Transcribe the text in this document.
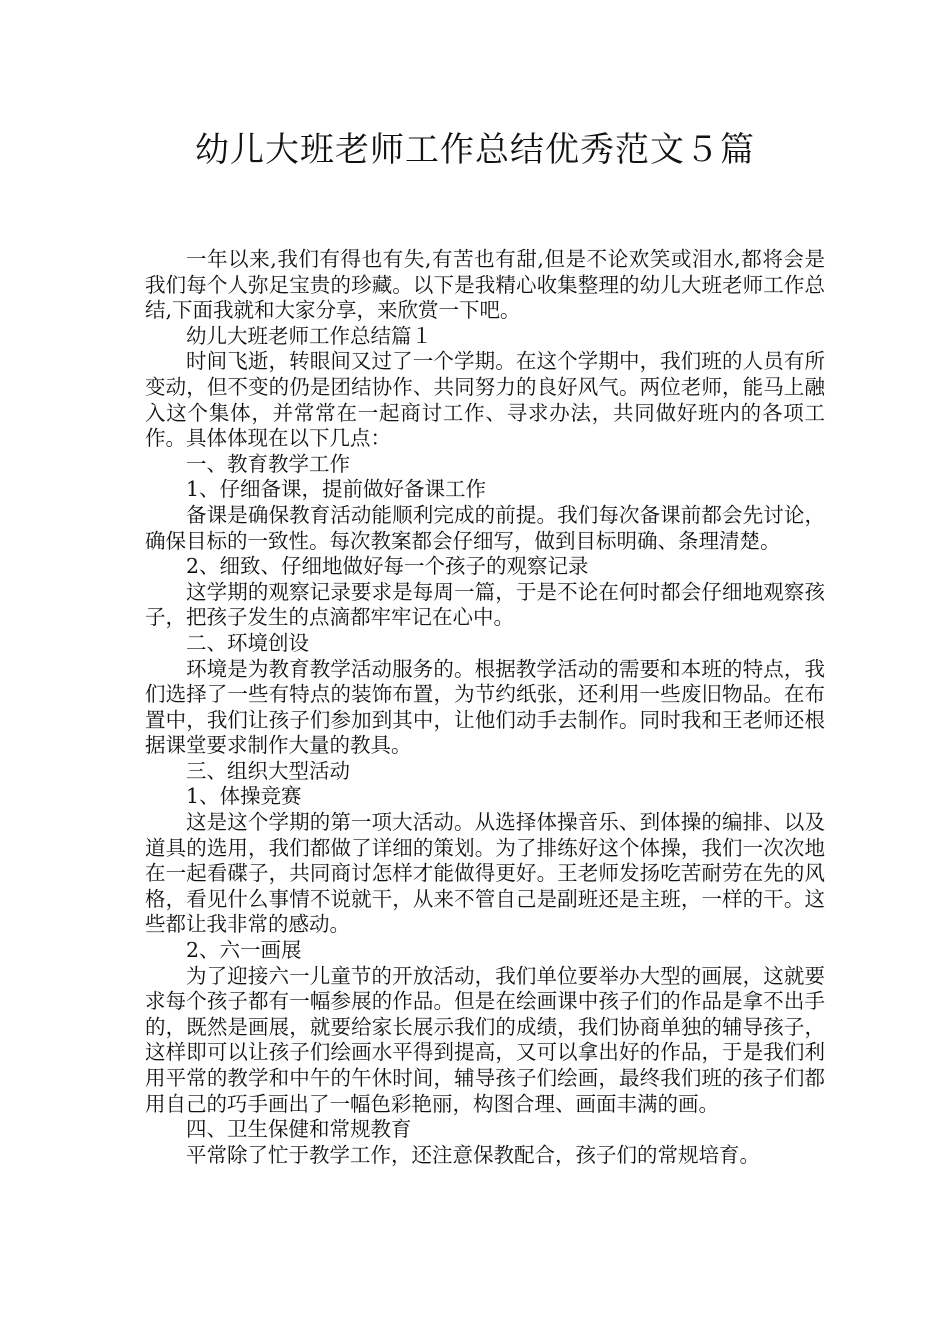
幼儿大班老师工作总结优秀范文５篇

一年以来,我们有得也有失,有苦也有甜,但是不论欢笑或泪水,都将会是我们每个人弥足宝贵的珍藏。以下是我精心收集整理的幼儿大班老师工作总结,下面我就和大家分享，来欣赏一下吧。

幼儿大班老师工作总结篇１

时间飞逝，转眼间又过了一个学期。在这个学期中，我们班的人员有所变动，但不变的仍是团结协作、共同努力的良好风气。两位老师，能马上融入这个集体，并常常在一起商讨工作、寻求办法，共同做好班内的各项工作。具体体现在以下几点：

一、教育教学工作

1、仔细备课，提前做好备课工作

备课是确保教育活动能顺利完成的前提。我们每次备课前都会先讨论，确保目标的一致性。每次教案都会仔细写，做到目标明确、条理清楚。

2、细致、仔细地做好每一个孩子的观察记录

这学期的观察记录要求是每周一篇，于是不论在何时都会仔细地观察孩子，把孩子发生的点滴都牢牢记在心中。

二、环境创设

环境是为教育教学活动服务的。根据教学活动的需要和本班的特点，我们选择了一些有特点的装饰布置，为节约纸张，还利用一些废旧物品。在布置中，我们让孩子们参加到其中，让他们动手去制作。同时我和王老师还根据课堂要求制作大量的教具。

三、组织大型活动

1、体操竞赛

这是这个学期的第一项大活动。从选择体操音乐、到体操的编排、以及道具的选用，我们都做了详细的策划。为了排练好这个体操，我们一次次地在一起看碟子，共同商讨怎样才能做得更好。王老师发扬吃苦耐劳在先的风格，看见什么事情不说就干，从来不管自己是副班还是主班，一样的干。这些都让我非常的感动。

2、六一画展

为了迎接六一儿童节的开放活动，我们单位要举办大型的画展，这就要求每个孩子都有一幅参展的作品。但是在绘画课中孩子们的作品是拿不出手的，既然是画展，就要给家长展示我们的成绩，我们协商单独的辅导孩子，这样即可以让孩子们绘画水平得到提高，又可以拿出好的作品，于是我们利用平常的教学和中午的午休时间，辅导孩子们绘画，最终我们班的孩子们都用自己的巧手画出了一幅色彩艳丽，构图合理、画面丰满的画。

四、卫生保健和常规教育

平常除了忙于教学工作，还注意保教配合，孩子们的常规培育。
